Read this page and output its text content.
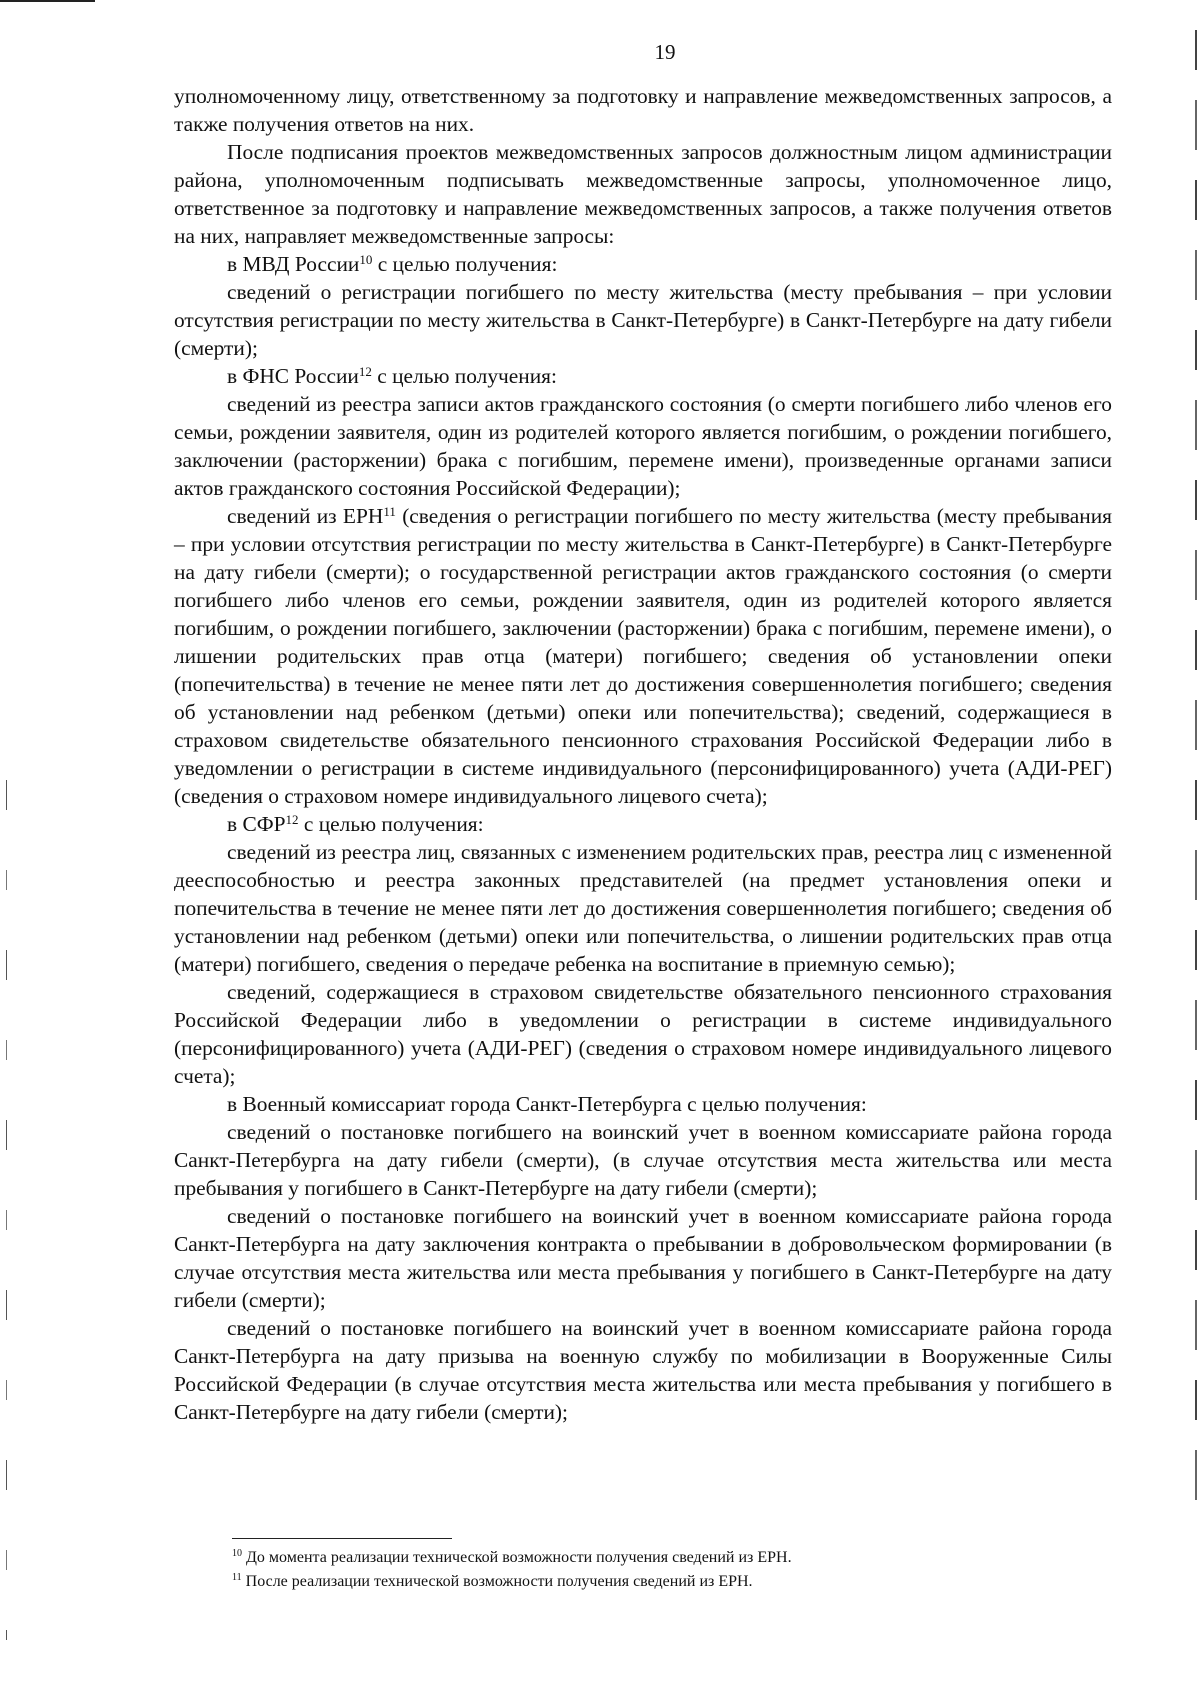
19

уполномоченному лицу, ответственному за подготовку и направление межведомственных запросов, а также получения ответов на них.

После подписания проектов межведомственных запросов должностным лицом администрации района, уполномоченным подписывать межведомственные запросы, уполномоченное лицо, ответственное за подготовку и направление межведомственных запросов, а также получения ответов на них, направляет межведомственные запросы:

в МВД России$^{10}$ с целью получения:

сведений о регистрации погибшего по месту жительства (месту пребывания – при условии отсутствия регистрации по месту жительства в Санкт-Петербурге) в Санкт-Петербурге на дату гибели (смерти);

в ФНС России$^{12}$ с целью получения:

сведений из реестра записи актов гражданского состояния (о смерти погибшего либо членов его семьи, рождении заявителя, один из родителей которого является погибшим, о рождении погибшего, заключении (расторжении) брака с погибшим, перемене имени), произведенные органами записи актов гражданского состояния Российской Федерации);

сведений из ЕРН$^{11}$ (сведения о регистрации погибшего по месту жительства (месту пребывания – при условии отсутствия регистрации по месту жительства в Санкт-Петербурге) в Санкт-Петербурге на дату гибели (смерти); о государственной регистрации актов гражданского состояния (о смерти погибшего либо членов его семьи, рождении заявителя, один из родителей которого является погибшим, о рождении погибшего, заключении (расторжении) брака с погибшим, перемене имени), о лишении родительских прав отца (матери) погибшего; сведения об установлении опеки (попечительства) в течение не менее пяти лет до достижения совершеннолетия погибшего; сведения об установлении над ребенком (детьми) опеки или попечительства); сведений, содержащиеся в страховом свидетельстве обязательного пенсионного страхования Российской Федерации либо в уведомлении о регистрации в системе индивидуального (персонифицированного) учета (АДИ-РЕГ) (сведения о страховом номере индивидуального лицевого счета);

в СФР$^{12}$ с целью получения:

сведений из реестра лиц, связанных с изменением родительских прав, реестра лиц с измененной дееспособностью и реестра законных представителей (на предмет установления опеки и попечительства в течение не менее пяти лет до достижения совершеннолетия погибшего; сведения об установлении над ребенком (детьми) опеки или попечительства, о лишении родительских прав отца (матери) погибшего, сведения о передаче ребенка на воспитание в приемную семью);

сведений, содержащиеся в страховом свидетельстве обязательного пенсионного страхования Российской Федерации либо в уведомлении о регистрации в системе индивидуального (персонифицированного) учета (АДИ-РЕГ) (сведения о страховом номере индивидуального лицевого счета);

в Военный комиссариат города Санкт-Петербурга с целью получения:

сведений о постановке погибшего на воинский учет в военном комиссариате района города Санкт-Петербурга на дату гибели (смерти), (в случае отсутствия места жительства или места пребывания у погибшего в Санкт-Петербурге на дату гибели (смерти);

сведений о постановке погибшего на воинский учет в военном комиссариате района города Санкт-Петербурга на дату заключения контракта о пребывании в добровольческом формировании (в случае отсутствия места жительства или места пребывания у погибшего в Санкт-Петербурге на дату гибели (смерти);

сведений о постановке погибшего на воинский учет в военном комиссариате района города Санкт-Петербурга на дату призыва на военную службу по мобилизации в Вооруженные Силы Российской Федерации (в случае отсутствия места жительства или места пребывания у погибшего в Санкт-Петербурге на дату гибели (смерти);

$^{10}$ До момента реализации технической возможности получения сведений из ЕРН.

$^{11}$ После реализации технической возможности получения сведений из ЕРН.
